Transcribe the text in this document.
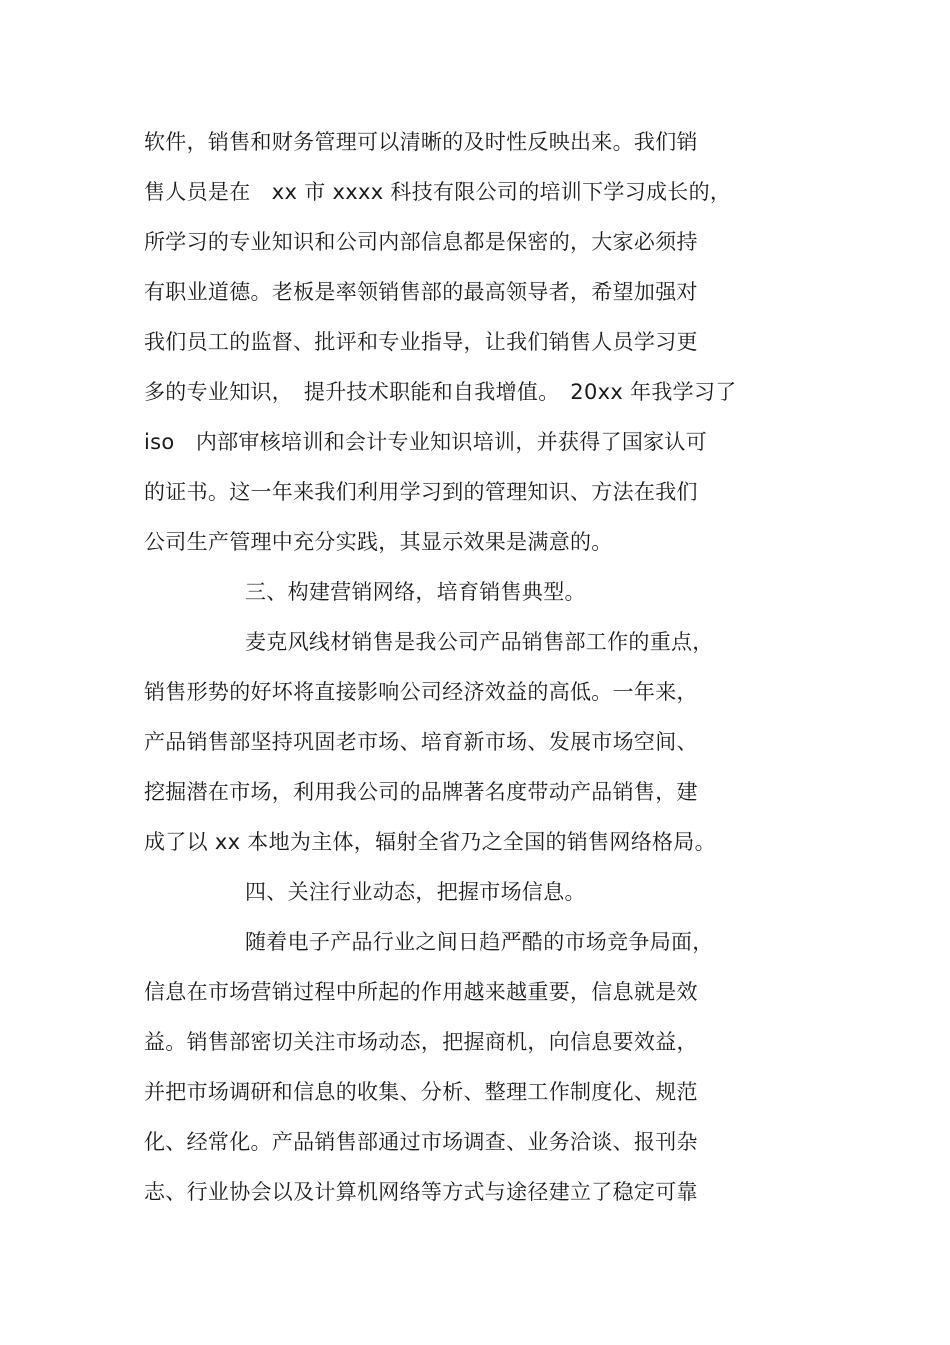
软件，销售和财务管理可以清晰的及时性反映出来。我们销
售人员是在　xx 市 xxxx 科技有限公司的培训下学习成长的，
所学习的专业知识和公司内部信息都是保密的，大家必须持
有职业道德。老板是率领销售部的最高领导者，希望加强对
我们员工的监督、批评和专业指导，让我们销售人员学习更
多的专业知识，　提升技术职能和自我增值。　20xx 年我学习了
iso　内部审核培训和会计专业知识培训，并获得了国家认可
的证书。这一年来我们利用学习到的管理知识、方法在我们
公司生产管理中充分实践，其显示效果是满意的。
三、构建营销网络，培育销售典型。
麦克风线材销售是我公司产品销售部工作的重点，
销售形势的好坏将直接影响公司经济效益的高低。一年来，
产品销售部坚持巩固老市场、培育新市场、发展市场空间、
挖掘潜在市场，利用我公司的品牌著名度带动产品销售，建
成了以 xx 本地为主体，辐射全省乃之全国的销售网络格局。
四、关注行业动态，把握市场信息。
随着电子产品行业之间日趋严酷的市场竞争局面，
信息在市场营销过程中所起的作用越来越重要，信息就是效
益。销售部密切关注市场动态，把握商机，向信息要效益，
并把市场调研和信息的收集、分析、整理工作制度化、规范
化、经常化。产品销售部通过市场调查、业务洽谈、报刊杂
志、行业协会以及计算机网络等方式与途径建立了稳定可靠
